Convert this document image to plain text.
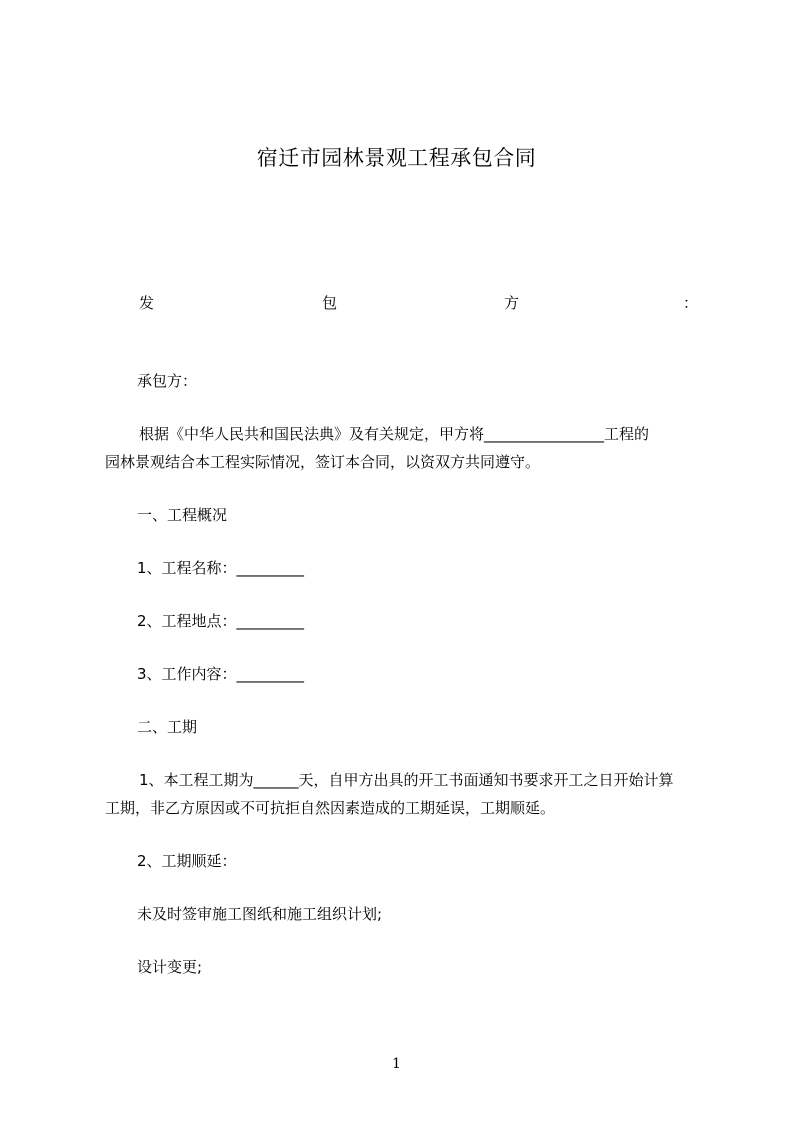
宿迁市园林景观工程承包合同
发	包	方	：
承包方：
根据《中华人民共和国民法典》及有关规定，甲方将________________工程的
园林景观结合本工程实际情况，签订本合同，以资双方共同遵守。
一、工程概况
1、工程名称：_________
2、工程地点：_________
3、工作内容：_________
二、工期
1、本工程工期为______天，自甲方出具的开工书面通知书要求开工之日开始计算
工期，非乙方原因或不可抗拒自然因素造成的工期延误，工期顺延。
2、工期顺延：
未及时签审施工图纸和施工组织计划;
设计变更;
1
